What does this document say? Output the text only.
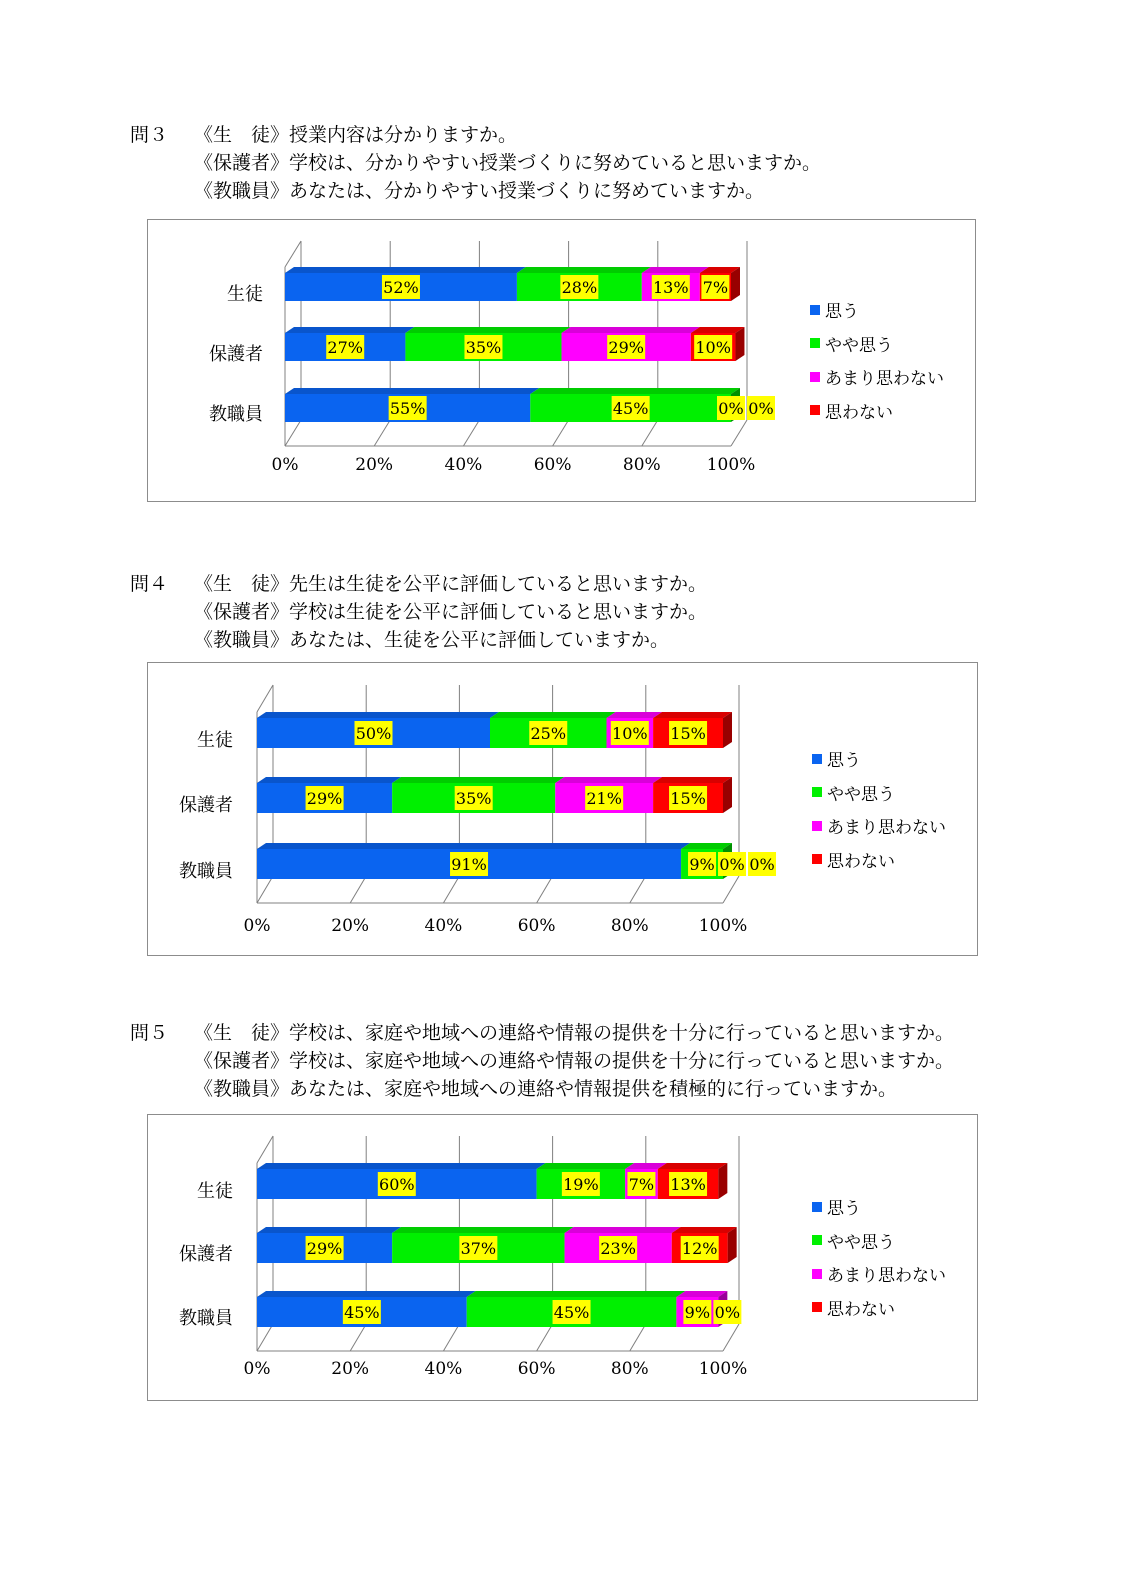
問３	《生　徒》授業内容は分かりますか。
《保護者》学校は、分かりやすい授業づくりに努めていると思いますか。
《教職員》あなたは、分かりやすい授業づくりに努めていますか。
0%	20%	40%	60%	80%	100%
生徒
保護者
教職員
52%	28%	13% 7%
27%	35%	29%	10%
55%	45%	0% 0%
思う
やや思う
あまり思わない
思わない
問４	《生　徒》先生は生徒を公平に評価していると思いますか。
《保護者》学校は生徒を公平に評価していると思いますか。
《教職員》あなたは、生徒を公平に評価していますか。
0%	20%	40%	60%	80%	100%
生徒
保護者
教職員
50%	25%	10% 15%
29%	35%	21%	15%
91%	9% 0% 0%
思う
やや思う
あまり思わない
思わない
問５	《生　徒》学校は、家庭や地域への連絡や情報の提供を十分に行っていると思いますか。
《保護者》学校は、家庭や地域への連絡や情報の提供を十分に行っていると思いますか。
《教職員》あなたは、家庭や地域への連絡や情報提供を積極的に行っていますか。
0%	20%	40%	60%	80%	100%
生徒
保護者
教職員
60%	19% 7% 13%
29%	37%	23%	12%
45%	45%	9% 0%
思う
やや思う
あまり思わない
思わない
